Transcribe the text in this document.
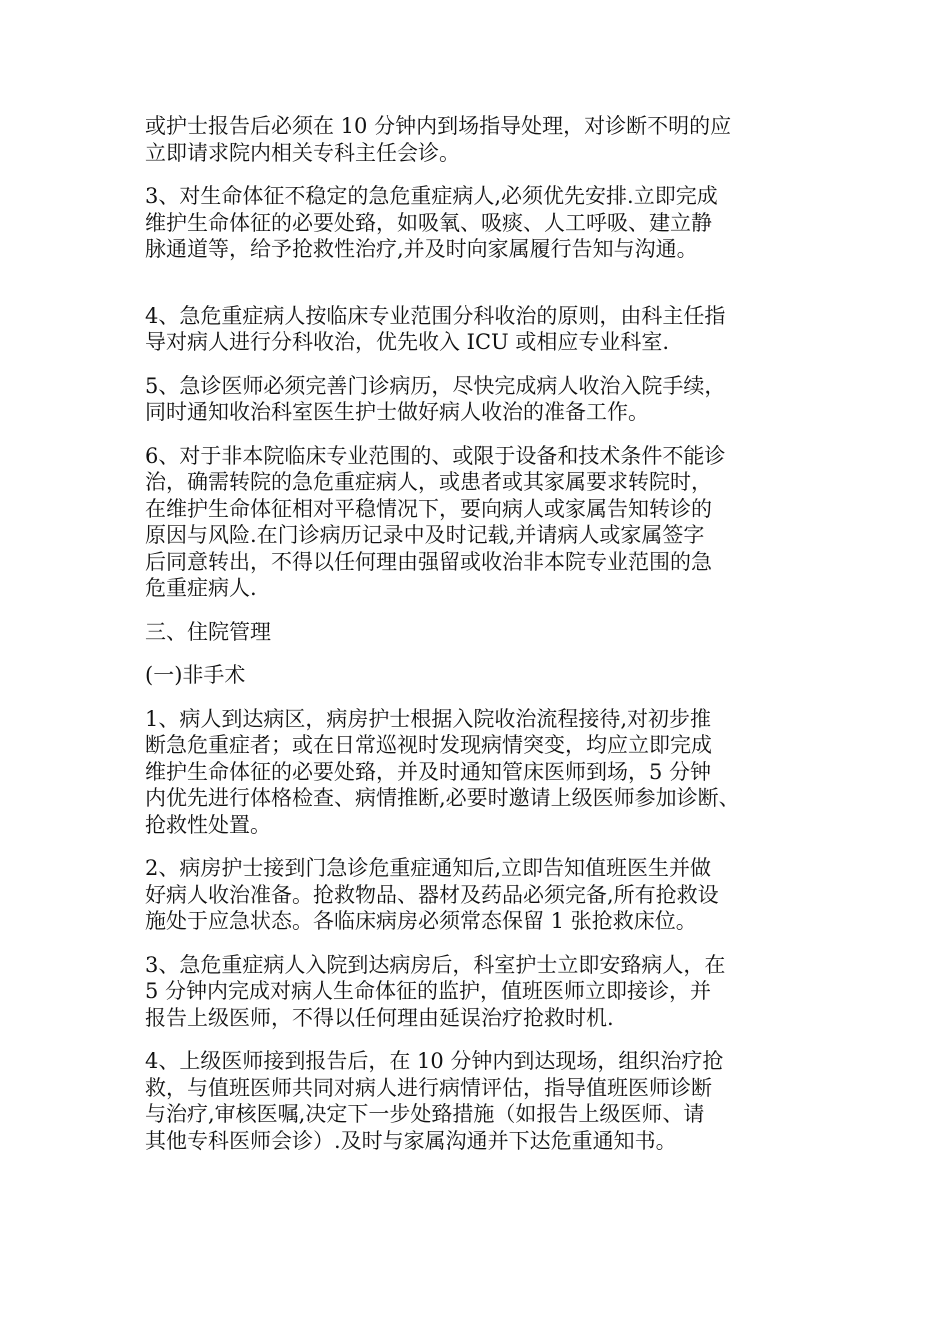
或护士报告后必须在 10 分钟内到场指导处理，对诊断不明的应
立即请求院内相关专科主任会诊。

3、对生命体征不稳定的急危重症病人,必须优先安排.立即完成
维护生命体征的必要处臵，如吸氧、吸痰、人工呼吸、建立静
脉通道等，给予抢救性治疗,并及时向家属履行告知与沟通。

4、急危重症病人按临床专业范围分科收治的原则，由科主任指
导对病人进行分科收治，优先收入 ICU 或相应专业科室.

5、急诊医师必须完善门诊病历，尽快完成病人收治入院手续，
同时通知收治科室医生护士做好病人收治的准备工作。

6、对于非本院临床专业范围的、或限于设备和技术条件不能诊
治，确需转院的急危重症病人，或患者或其家属要求转院时，
在维护生命体征相对平稳情况下，要向病人或家属告知转诊的
原因与风险.在门诊病历记录中及时记载,并请病人或家属签字
后同意转出，不得以任何理由强留或收治非本院专业范围的急
危重症病人.

三、住院管理

(一)非手术

1、病人到达病区，病房护士根据入院收治流程接待,对初步推
断急危重症者；或在日常巡视时发现病情突变，均应立即完成
维护生命体征的必要处臵，并及时通知管床医师到场，5 分钟
内优先进行体格检查、病情推断,必要时邀请上级医师参加诊断、
抢救性处置。

2、病房护士接到门急诊危重症通知后,立即告知值班医生并做
好病人收治准备。抢救物品、器材及药品必须完备,所有抢救设
施处于应急状态。各临床病房必须常态保留 1 张抢救床位。

3、急危重症病人入院到达病房后，科室护士立即安臵病人，在
5 分钟内完成对病人生命体征的监护，值班医师立即接诊，并
报告上级医师，不得以任何理由延误治疗抢救时机.

4、上级医师接到报告后，在 10 分钟内到达现场，组织治疗抢
救，与值班医师共同对病人进行病情评估，指导值班医师诊断
与治疗,审核医嘱,决定下一步处臵措施（如报告上级医师、请
其他专科医师会诊）.及时与家属沟通并下达危重通知书。
